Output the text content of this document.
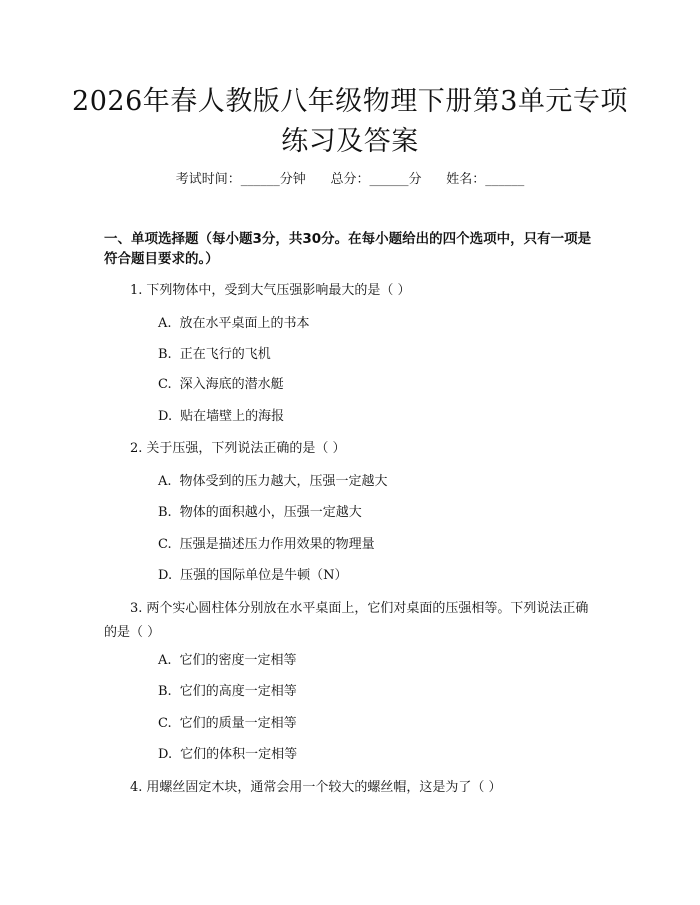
2026年春人教版八年级物理下册第3单元专项练习及答案
考试时间：______分钟      总分：______分      姓名：______
一、单项选择题（每小题3分，共30分。在每小题给出的四个选项中，只有一项是符合题目要求的。）
1. 下列物体中，受到大气压强影响最大的是（ ）
A. 放在水平桌面上的书本
B. 正在飞行的飞机
C. 深入海底的潜水艇
D. 贴在墙壁上的海报
2. 关于压强，下列说法正确的是（ ）
A. 物体受到的压力越大，压强一定越大
B. 物体的面积越小，压强一定越大
C. 压强是描述压力作用效果的物理量
D. 压强的国际单位是牛顿（N）
3. 两个实心圆柱体分别放在水平桌面上，它们对桌面的压强相等。下列说法正确的是（ ）
A. 它们的密度一定相等
B. 它们的高度一定相等
C. 它们的质量一定相等
D. 它们的体积一定相等
4. 用螺丝固定木块，通常会用一个较大的螺丝帽，这是为了（ ）
